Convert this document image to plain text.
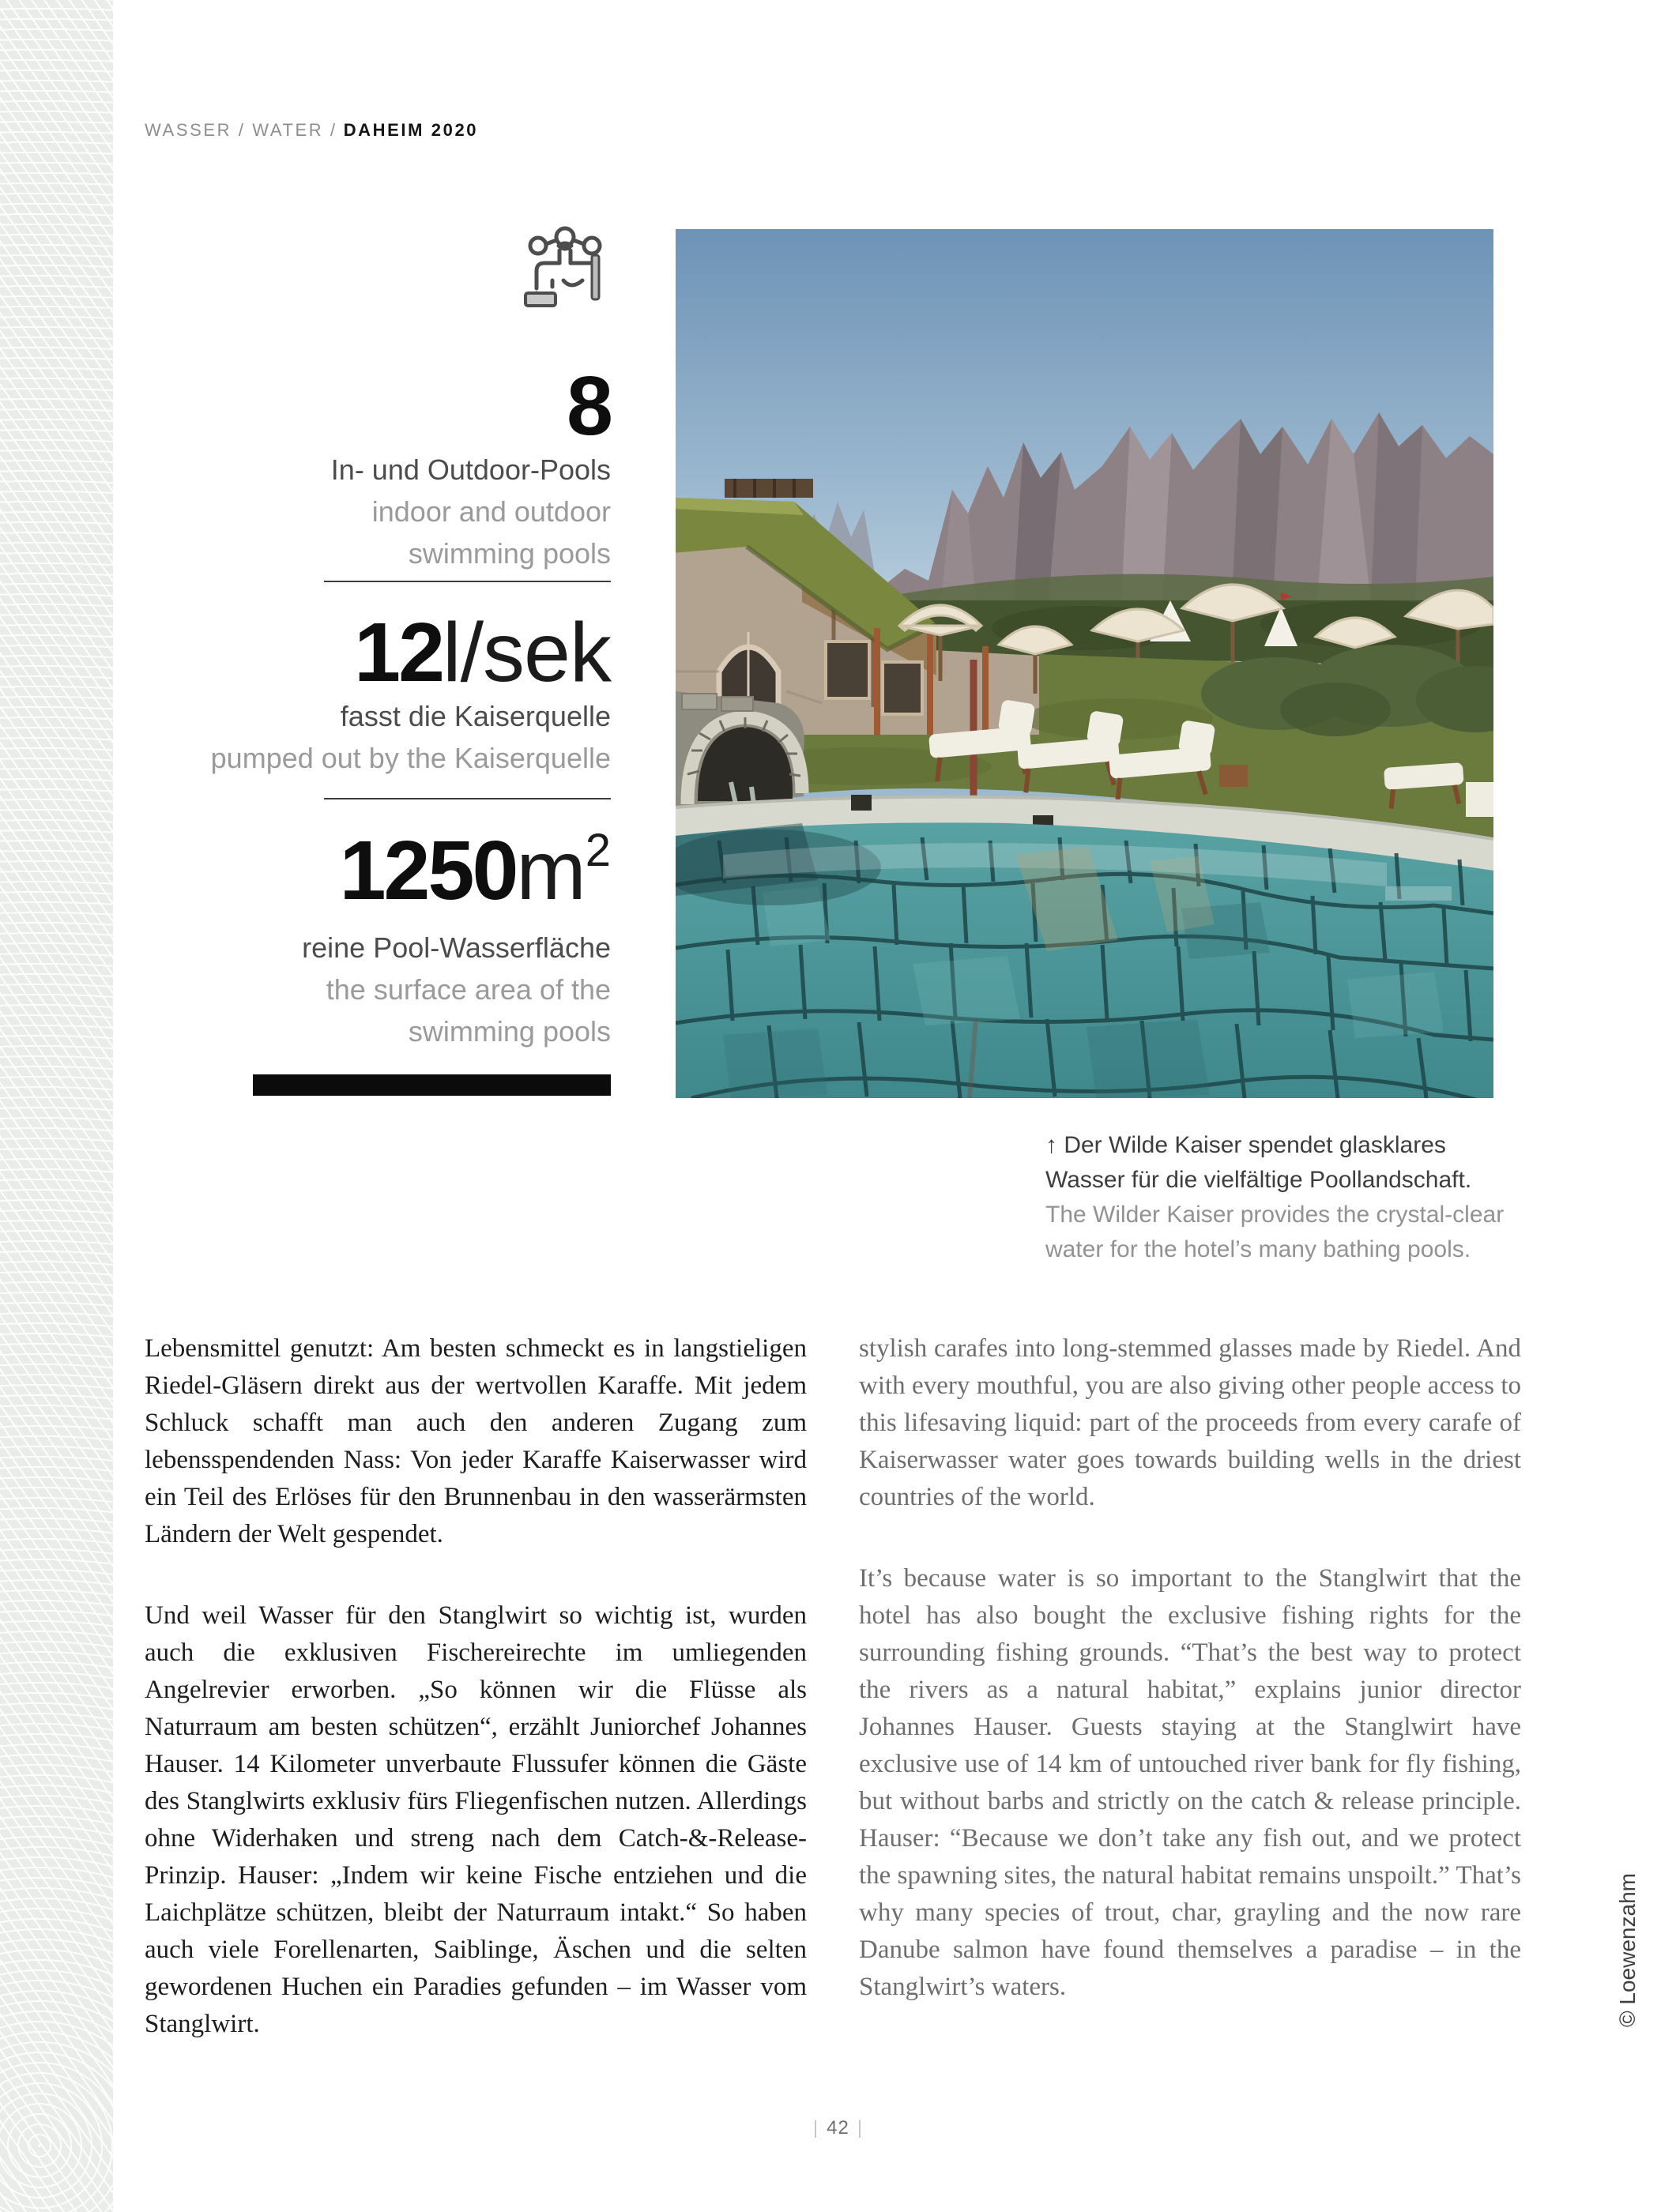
WASSER / WATER / DAHEIM 2020
8
In- und Outdoor-Pools
indoor and outdoor
swimming pools
12l/sek
fasst die Kaiserquelle
pumped out by the Kaiserquelle
$1250m^2$
reine Pool-Wasserfläche
the surface area of the
swimming pools
↑ Der Wilde Kaiser spendet glasklares
Wasser für die vielfältige Poollandschaft.
The Wilder Kaiser provides the crystal-clear
water for the hotel’s many bathing pools.

Lebensmittel genutzt: Am besten schmeckt es in langstieligen Riedel-Gläsern direkt aus der wertvollen Karaffe. Mit jedem Schluck schafft man auch den anderen Zugang zum lebensspendenden Nass: Von jeder Karaffe Kaiserwasser wird ein Teil des Erlöses für den Brunnenbau in den wasserärmsten Ländern der Welt gespendet.

Und weil Wasser für den Stanglwirt so wichtig ist, wurden auch die exklusiven Fischereirechte im umliegenden Angelrevier erworben. „So können wir die Flüsse als Naturraum am besten schützen“, erzählt Juniorchef Johannes Hauser. 14 Kilometer unverbaute Flussufer können die Gäste des Stanglwirts exklusiv fürs Fliegenfischen nutzen. Allerdings ohne Widerhaken und streng nach dem Catch-&-Release-Prinzip. Hauser: „Indem wir keine Fische entziehen und die Laichplätze schützen, bleibt der Naturraum intakt.“ So haben auch viele Forellenarten, Saiblinge, Äschen und die selten gewordenen Huchen ein Paradies gefunden – im Wasser vom Stanglwirt.

stylish carafes into long-stemmed glasses made by Riedel. And with every mouthful, you are also giving other people access to this lifesaving liquid: part of the proceeds from every carafe of Kaiserwasser water goes towards building wells in the driest countries of the world.

It’s because water is so important to the Stanglwirt that the hotel has also bought the exclusive fishing rights for the surrounding fishing grounds. “That’s the best way to protect the rivers as a natural habitat,” explains junior director Johannes Hauser. Guests staying at the Stanglwirt have exclusive use of 14 km of untouched river bank for fly fishing, but without barbs and strictly on the catch & release principle. Hauser: “Because we don’t take any fish out, and we protect the spawning sites, the natural habitat remains unspoilt.” That’s why many species of trout, char, grayling and the now rare Danube salmon have found themselves a paradise – in the Stanglwirt’s waters.	© Loewenzahm
| 42 |
